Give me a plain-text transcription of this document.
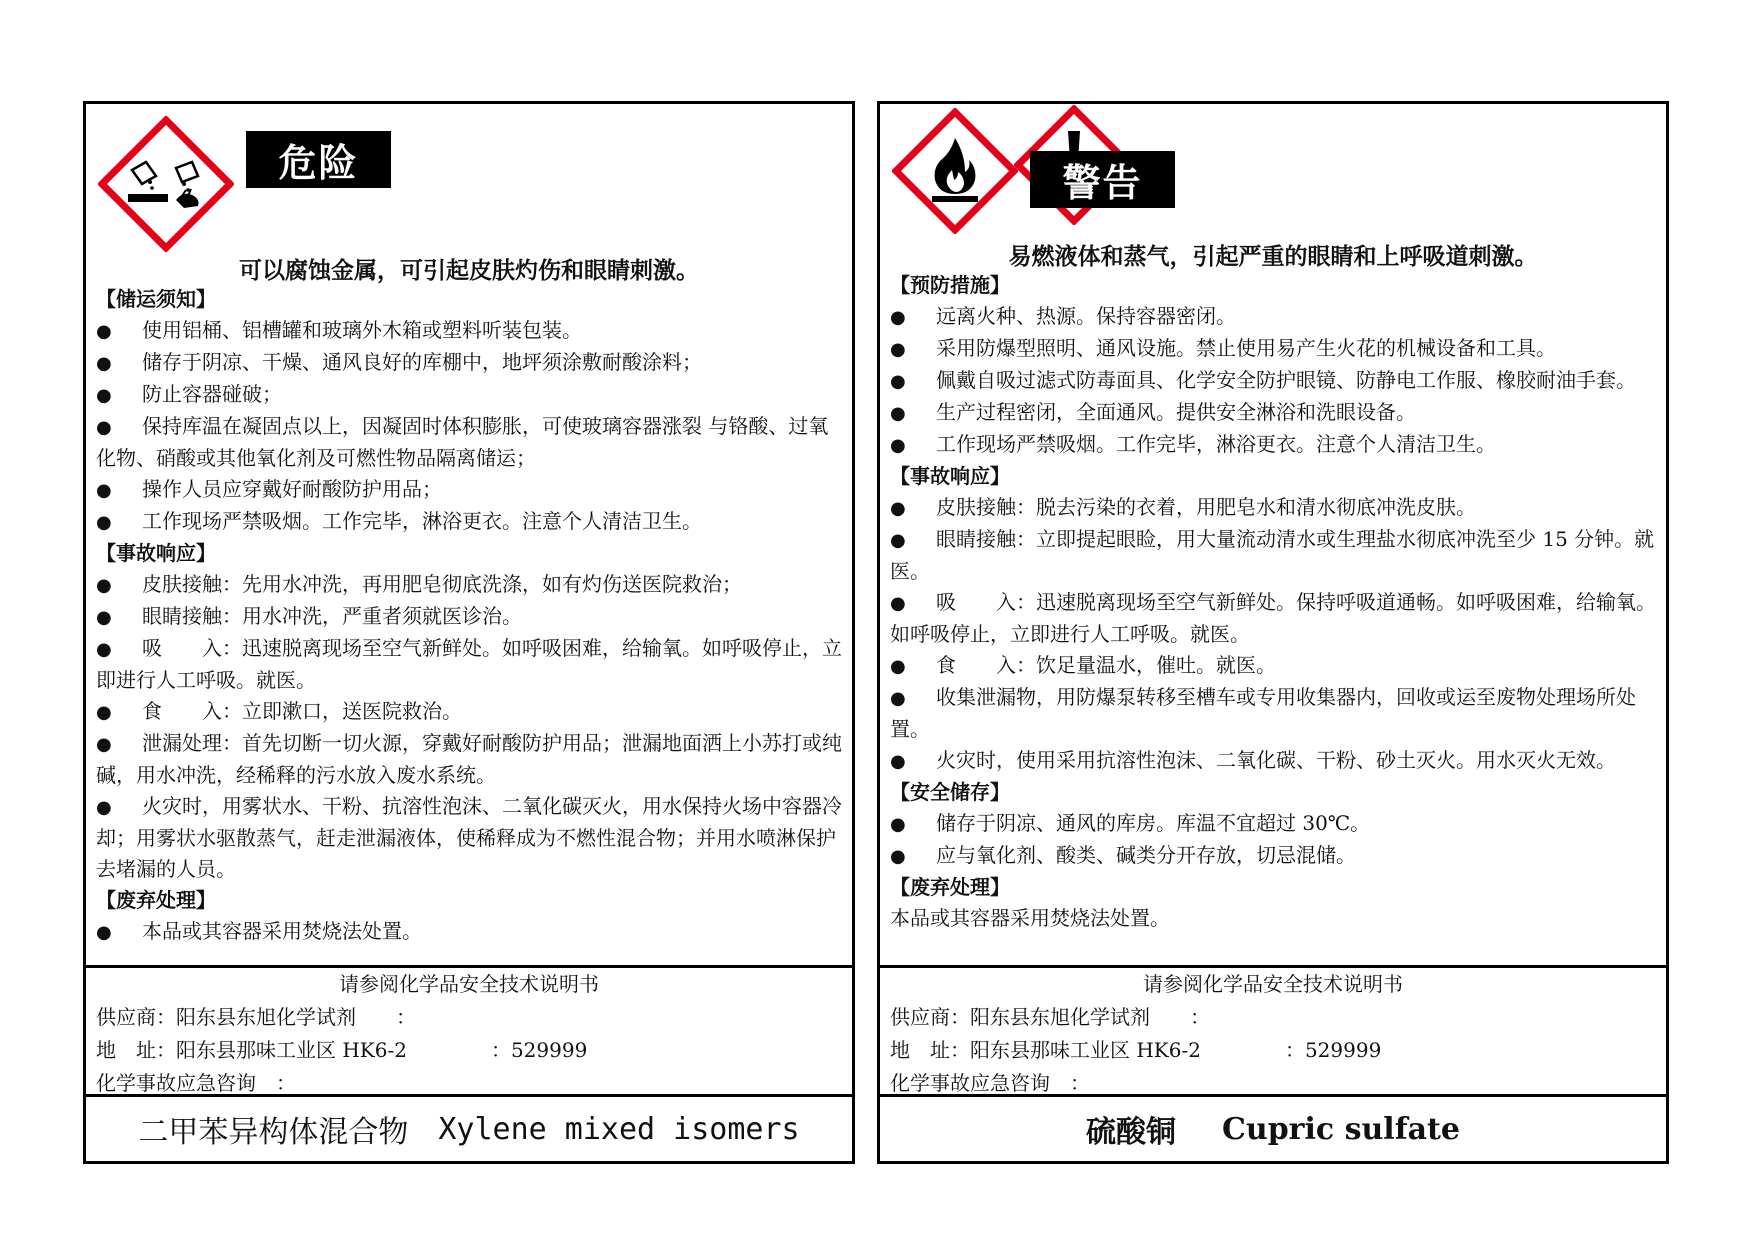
危险
可以腐蚀金属，可引起皮肤灼伤和眼睛刺激。
【储运须知】
●使用铝桶、铝槽罐和玻璃外木箱或塑料听装包装。
●储存于阴凉、干燥、通风良好的库棚中，地坪须涂敷耐酸涂料；
●防止容器碰破；
●保持库温在凝固点以上，因凝固时体积膨胀，可使玻璃容器涨裂 与铬酸、过氧化物、硝酸或其他氧化剂及可燃性物品隔离储运；
●操作人员应穿戴好耐酸防护用品；
●工作现场严禁吸烟。工作完毕，淋浴更衣。注意个人清洁卫生。
【事故响应】
●皮肤接触：先用水冲洗，再用肥皂彻底洗涤，如有灼伤送医院救治；
●眼睛接触：用水冲洗，严重者须就医诊治。
●吸　　入：迅速脱离现场至空气新鲜处。如呼吸困难，给输氧。如呼吸停止，立即进行人工呼吸。就医。
●食　　入：立即漱口，送医院救治。
●泄漏处理：首先切断一切火源，穿戴好耐酸防护用品；泄漏地面洒上小苏打或纯碱，用水冲洗，经稀释的污水放入废水系统。
●火灾时，用雾状水、干粉、抗溶性泡沫、二氧化碳灭火，用水保持火场中容器冷却；用雾状水驱散蒸气，赶走泄漏液体，使稀释成为不燃性混合物；并用水喷淋保护去堵漏的人员。
【废弃处理】
●本品或其容器采用焚烧法处置。
请参阅化学品安全技术说明书
供应商：阳东县东旭化学试剂　　：
地　址：阳东县那味工业区 HK6-2	：529999
化学事故应急咨询　：
二甲苯异构体混合物 Xylene mixed isomers
警告
易燃液体和蒸气，引起严重的眼睛和上呼吸道刺激。
【预防措施】
●远离火种、热源。保持容器密闭。
●采用防爆型照明、通风设施。禁止使用易产生火花的机械设备和工具。
●佩戴自吸过滤式防毒面具、化学安全防护眼镜、防静电工作服、橡胶耐油手套。
●生产过程密闭，全面通风。提供安全淋浴和洗眼设备。
●工作现场严禁吸烟。工作完毕，淋浴更衣。注意个人清洁卫生。
【事故响应】
●皮肤接触：脱去污染的衣着，用肥皂水和清水彻底冲洗皮肤。
●眼睛接触：立即提起眼睑，用大量流动清水或生理盐水彻底冲洗至少 15 分钟。就医。
●吸　　入：迅速脱离现场至空气新鲜处。保持呼吸道通畅。如呼吸困难，给输氧。如呼吸停止，立即进行人工呼吸。就医。
●食　　入：饮足量温水，催吐。就医。
●收集泄漏物，用防爆泵转移至槽车或专用收集器内，回收或运至废物处理场所处置。
●火灾时，使用采用抗溶性泡沫、二氧化碳、干粉、砂土灭火。用水灭火无效。
【安全储存】
●储存于阴凉、通风的库房。库温不宜超过 30℃。
●应与氧化剂、酸类、碱类分开存放，切忌混储。
【废弃处理】
本品或其容器采用焚烧法处置。
请参阅化学品安全技术说明书
供应商：阳东县东旭化学试剂　　：
地　址：阳东县那味工业区 HK6-2	：529999
化学事故应急咨询　：
硫酸铜 Cupric sulfate
